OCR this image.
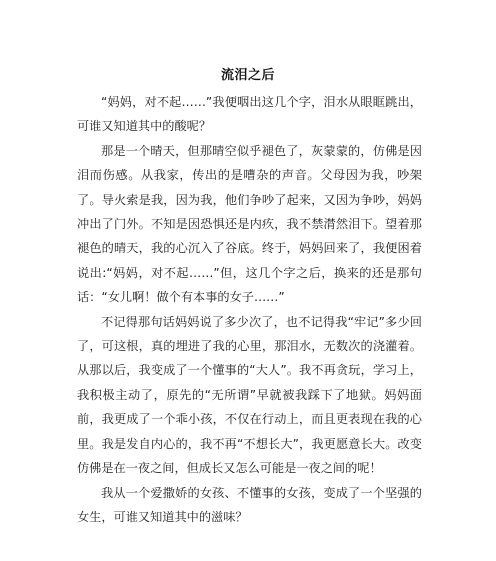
流泪之后

“妈妈，对不起……”我便咽出这几个字，泪水从眼眶跳出，可谁又知道其中的酸呢？

那是一个晴天，但那晴空似乎褪色了，灰蒙蒙的，仿佛是因泪而伤感。从我家，传出的是嘈杂的声音。父母因为我，吵架了。导火索是我，因为我，他们争吵了起来，又因为争吵，妈妈冲出了门外。不知是因恐惧还是内疚，我不禁潸然泪下。望着那褪色的晴天，我的心沉入了谷底。终于，妈妈回来了，我便困着说出:“妈妈，对不起……”但，这几个字之后，换来的还是那句话：“女儿啊！做个有本事的女子……”

不记得那句话妈妈说了多少次了，也不记得我“牢记”多少回了，可这根，真的埋进了我的心里，那泪水，无数次的浇灌着。从那以后，我变成了一个懂事的“大人”。我不再贪玩，学习上，我积极主动了，原先的“无所谓”早就被我踩下了地狱。妈妈面前，我更成了一个乖小孩，不仅在行动上，而且更表现在我的心里。我是发自内心的，我不再“不想长大”，我更愿意长大。改变仿佛是在一夜之间，但成长又怎么可能是一夜之间的呢！

我从一个爱撒娇的女孩、不懂事的女孩，变成了一个坚强的女生，可谁又知道其中的滋味？
